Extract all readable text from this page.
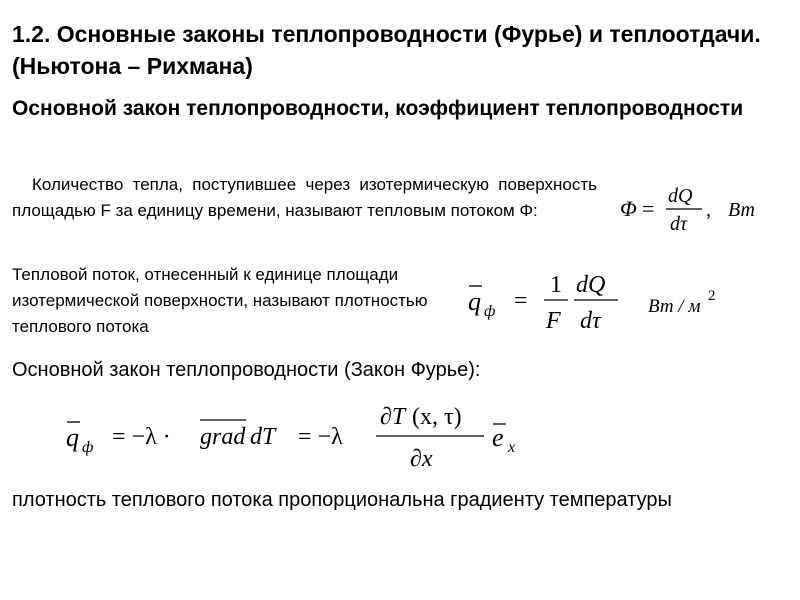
1.2. Основные законы теплопроводности (Фурье) и теплоотдачи.(Ньютона – Рихмана)
Основной закон теплопроводности, коэффициент теплопроводности
Количество тепла, поступившее через изотермическую поверхность площадью F за единицу времени, называют тепловым потоком Φ:	Φ = dQ
dτ
, Вт
Тепловой поток, отнесенный к единице площади изотермической поверхности, называют плотностью теплового потока
q ф =
1
F
dQ
dτ
Вт / м 2
Основной закон теплопроводности (Закон Фурье):
q ф = −λ · grad dT = −λ
∂T (x, τ)
∂x
e x
плотность теплового потока пропорциональна градиенту температуры
